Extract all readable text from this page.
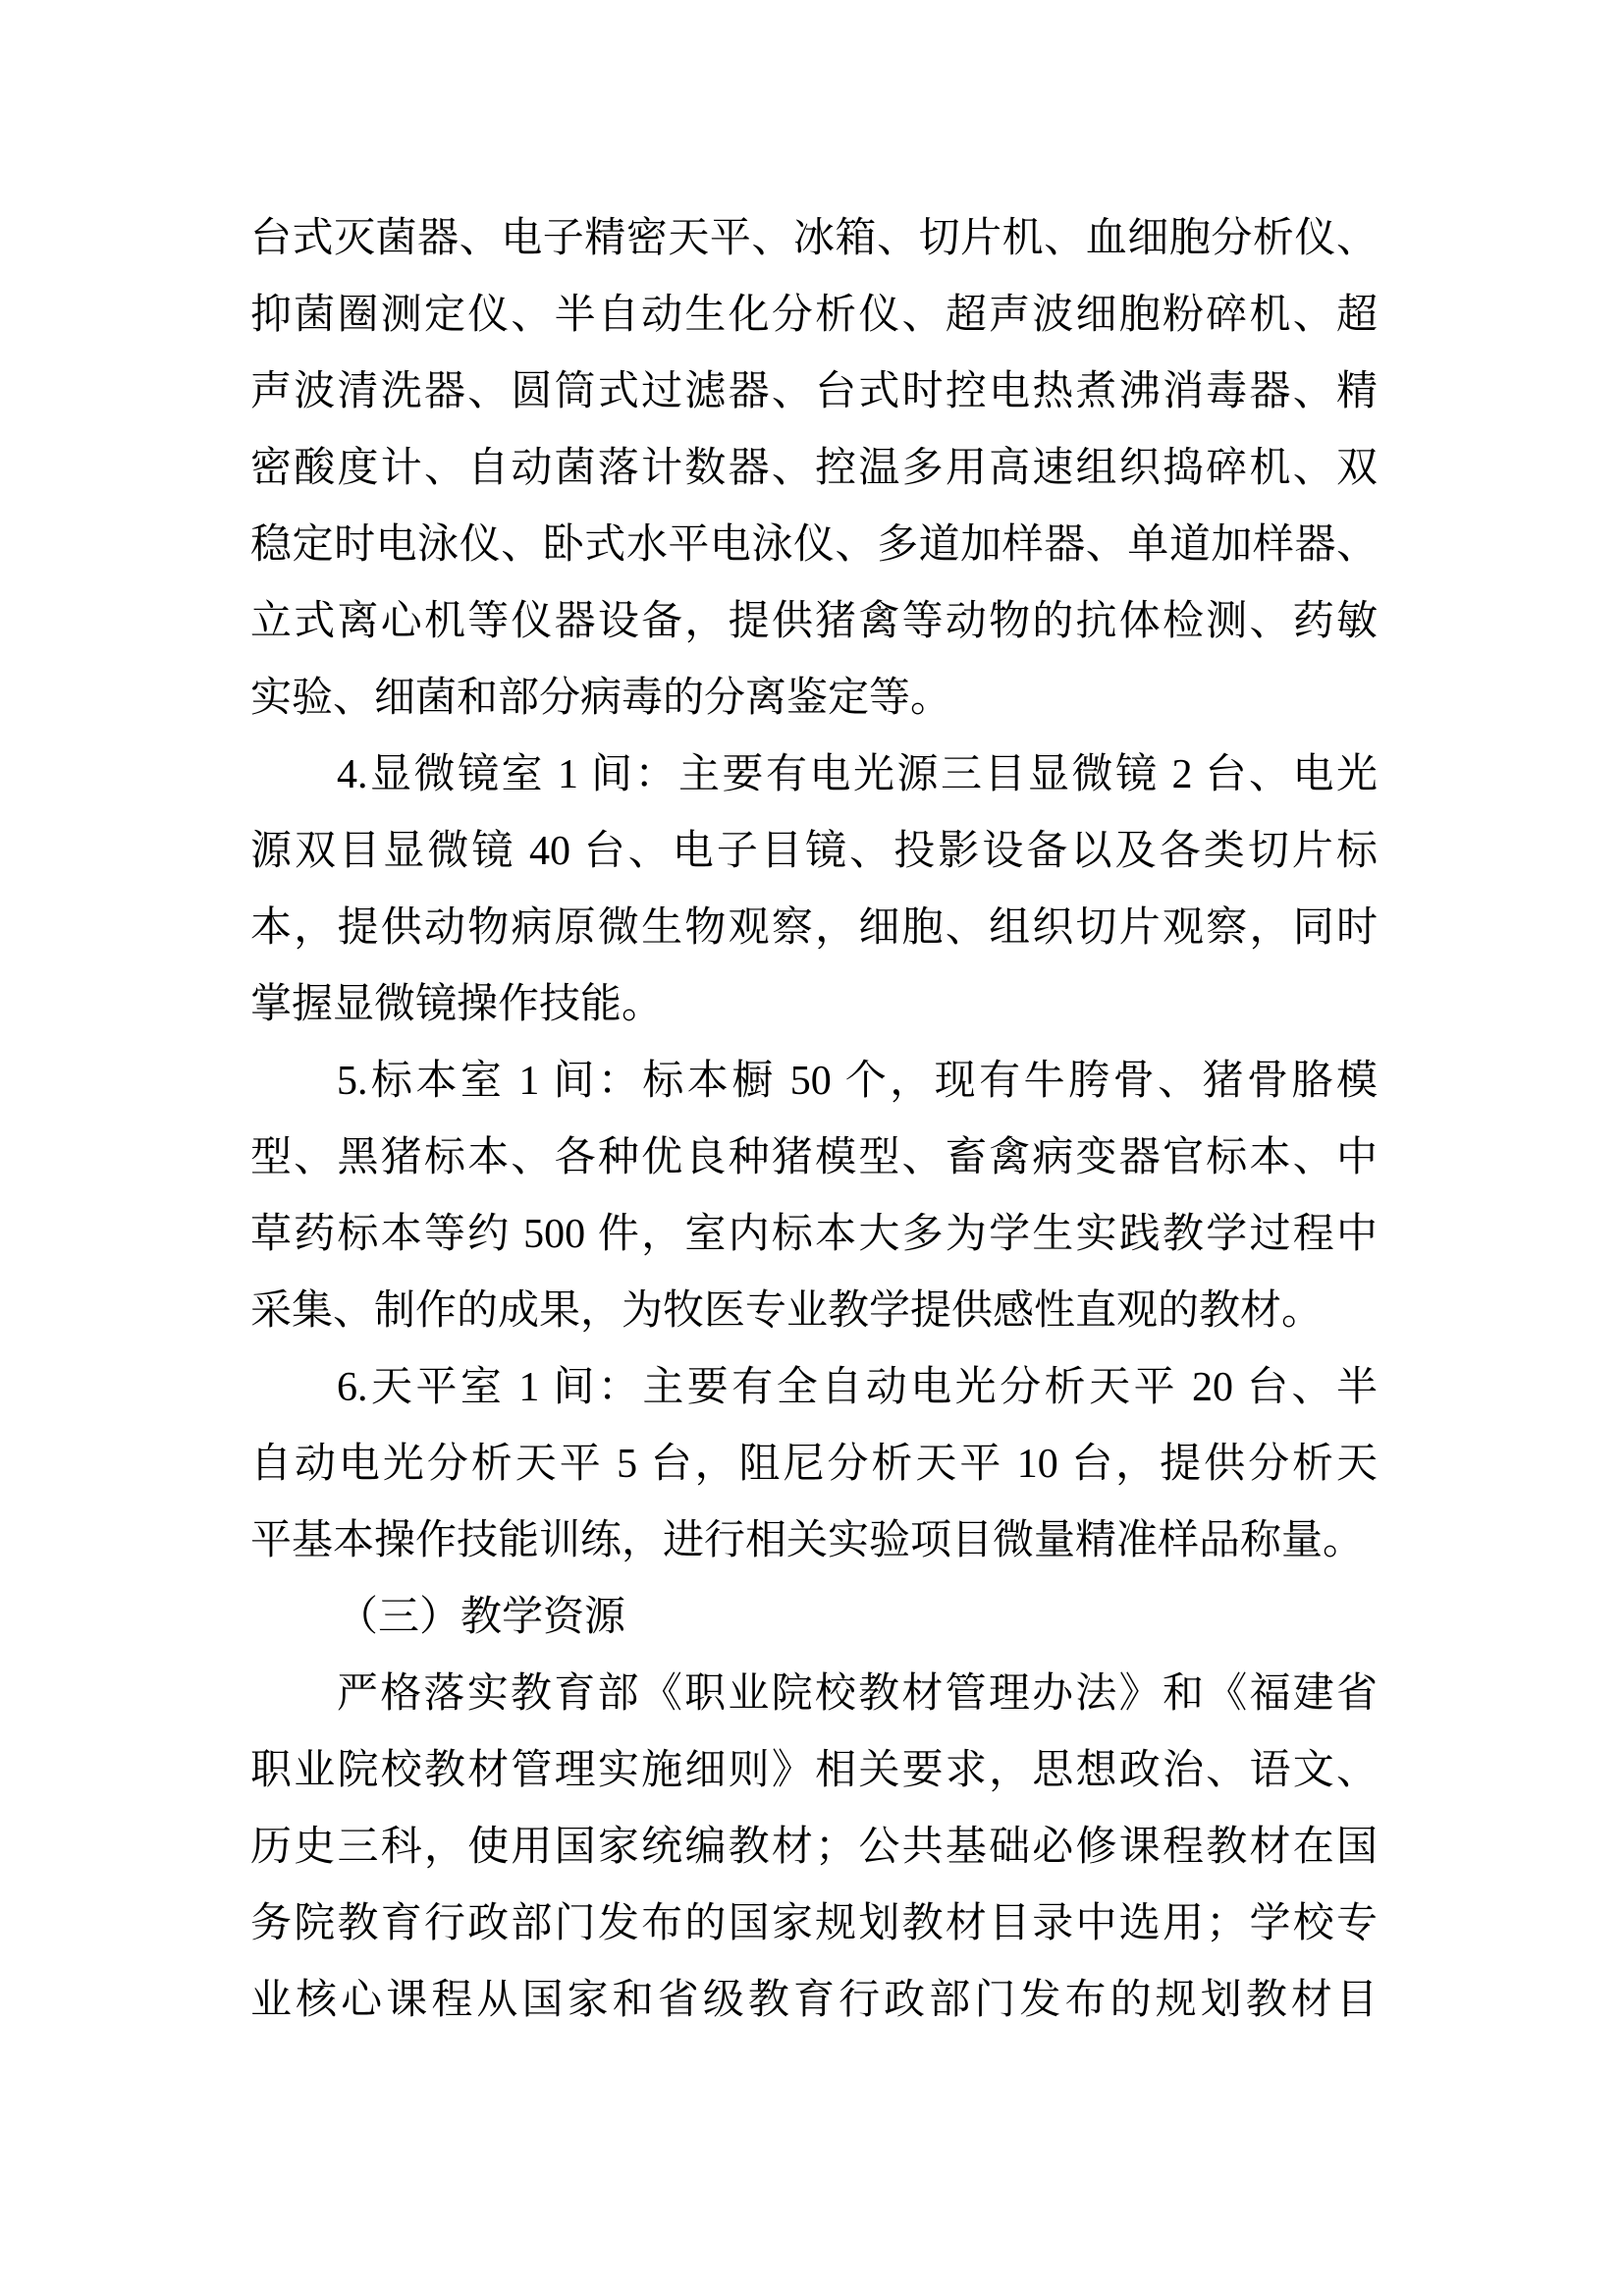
台式灭菌器、电子精密天平、冰箱、切片机、血细胞分析仪、
抑菌圈测定仪、半自动生化分析仪、超声波细胞粉碎机、超
声波清洗器、圆筒式过滤器、台式时控电热煮沸消毒器、精
密酸度计、自动菌落计数器、控温多用高速组织捣碎机、双
稳定时电泳仪、卧式水平电泳仪、多道加样器、单道加样器、
立式离心机等仪器设备，提供猪禽等动物的抗体检测、药敏
实验、细菌和部分病毒的分离鉴定等。
4.显微镜室 1 间：主要有电光源三目显微镜 2 台、电光
源双目显微镜 40 台、电子目镜、投影设备以及各类切片标
本，提供动物病原微生物观察，细胞、组织切片观察，同时
掌握显微镜操作技能。
5.标本室 1 间：标本橱 50 个，现有牛胯骨、猪骨胳模
型、黑猪标本、各种优良种猪模型、畜禽病变器官标本、中
草药标本等约 500 件，室内标本大多为学生实践教学过程中
采集、制作的成果，为牧医专业教学提供感性直观的教材。
6.天平室 1 间：主要有全自动电光分析天平 20 台、半
自动电光分析天平 5 台，阻尼分析天平 10 台，提供分析天
平基本操作技能训练，进行相关实验项目微量精准样品称量。
（三）教学资源
严格落实教育部《职业院校教材管理办法》和《福建省
职业院校教材管理实施细则》相关要求，思想政治、语文、
历史三科，使用国家统编教材；公共基础必修课程教材在国
务院教育行政部门发布的国家规划教材目录中选用；学校专
业核心课程从国家和省级教育行政部门发布的规划教材目
